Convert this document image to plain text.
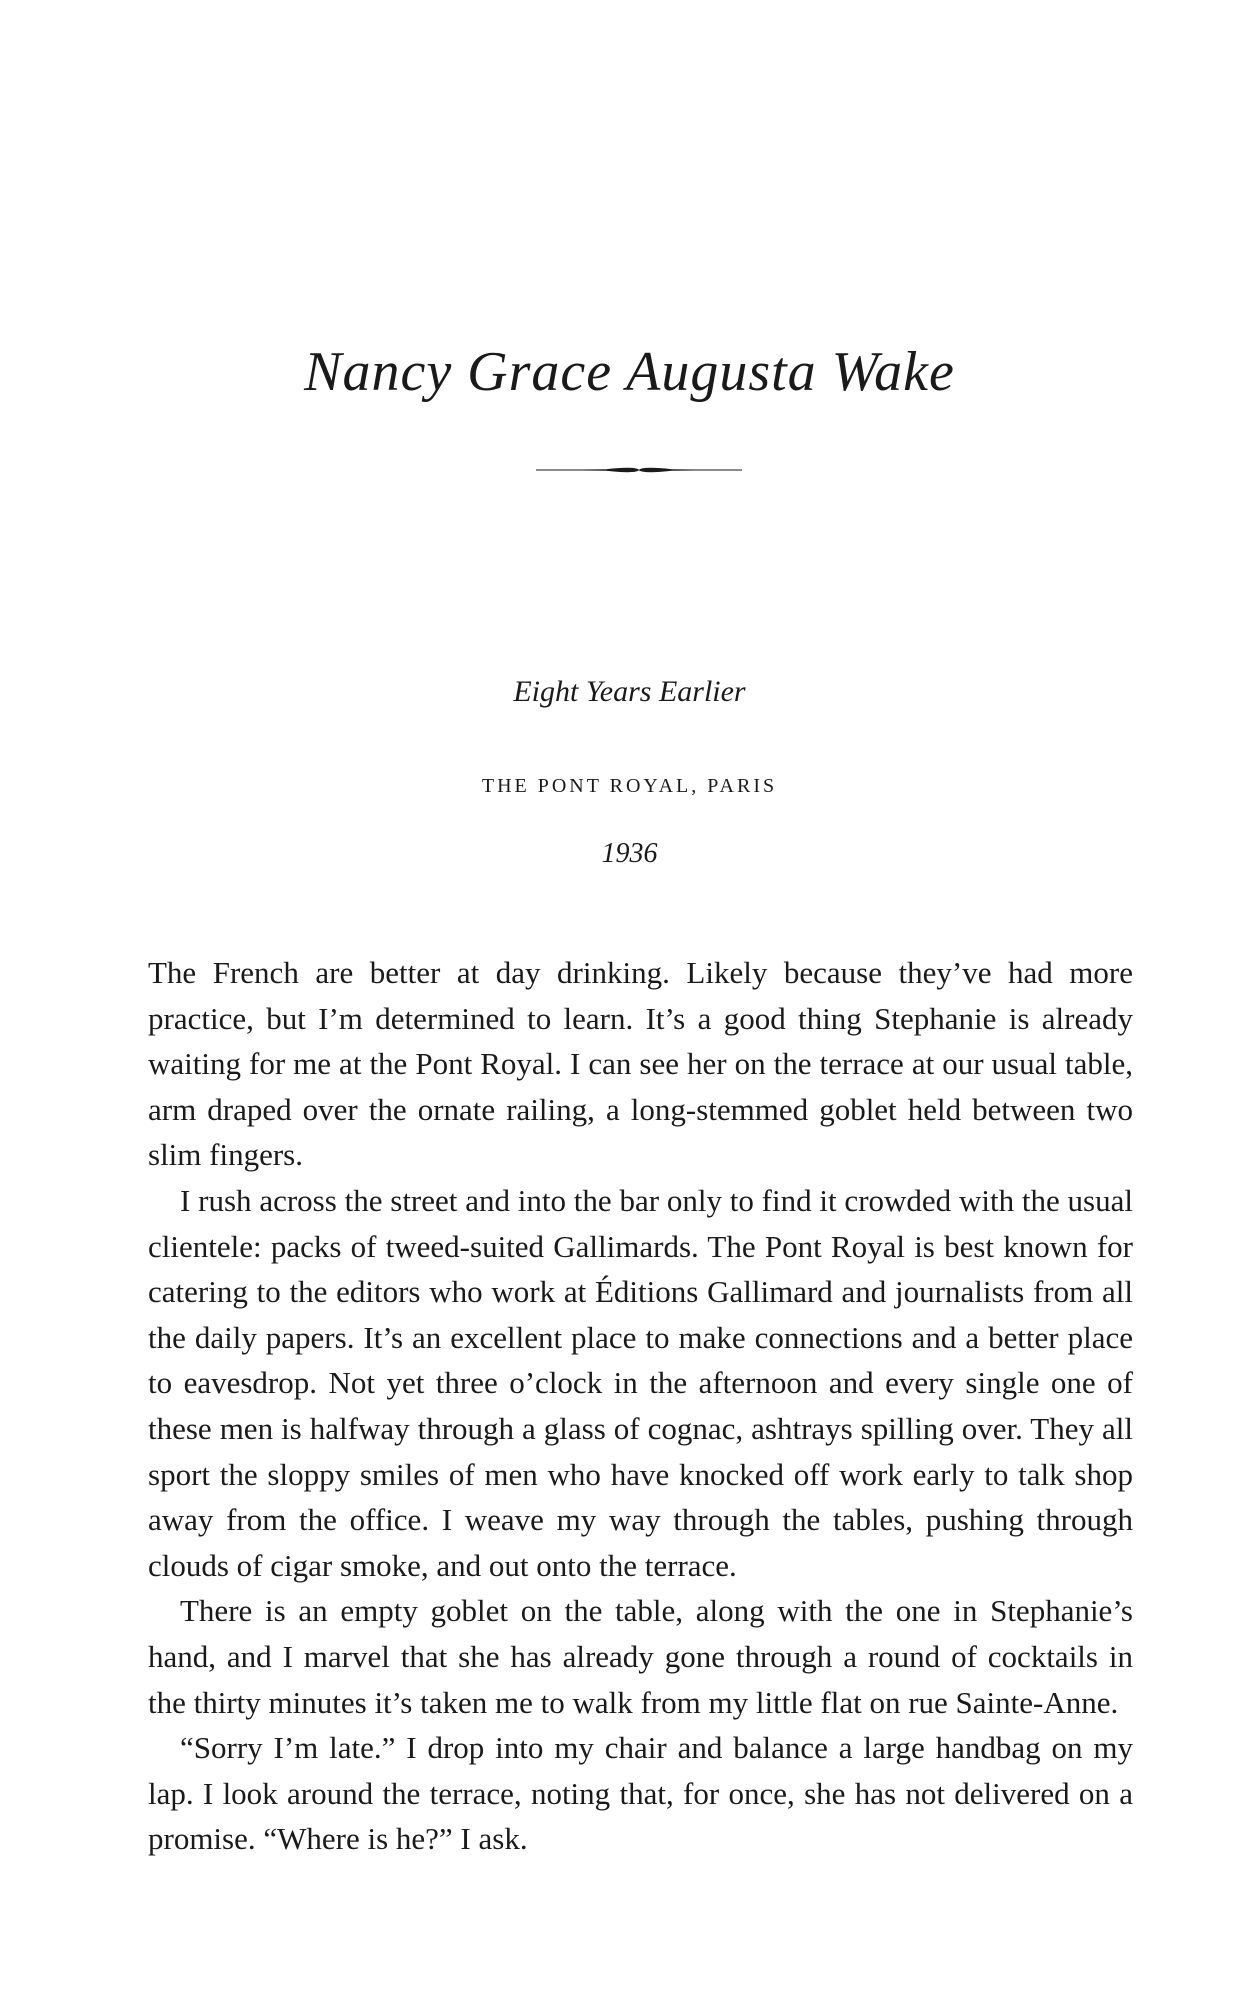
Nancy Grace Augusta Wake
Eight Years Earlier
THE PONT ROYAL, PARIS
1936

The French are better at day drinking. Likely because they’ve had more practice, but I’m determined to learn. It’s a good thing Stephanie is already waiting for me at the Pont Royal. I can see her on the terrace at our usual table, arm draped over the ornate railing, a long-stemmed goblet held between two slim fingers.

I rush across the street and into the bar only to find it crowded with the usual clientele: packs of tweed-suited Gallimards. The Pont Royal is best known for catering to the editors who work at Éditions Gallimard and journalists from all the daily papers. It’s an excellent place to make connections and a better place to eavesdrop. Not yet three o’clock in the afternoon and every single one of these men is halfway through a glass of cognac, ashtrays spilling over. They all sport the sloppy smiles of men who have knocked off work early to talk shop away from the office. I weave my way through the tables, pushing through clouds of cigar smoke, and out onto the terrace.

There is an empty goblet on the table, along with the one in Stephanie’s hand, and I marvel that she has already gone through a round of cocktails in the thirty minutes it’s taken me to walk from my little flat on rue Sainte-Anne.

“Sorry I’m late.” I drop into my chair and balance a large handbag on my lap. I look around the terrace, noting that, for once, she has not delivered on a promise. “Where is he?” I ask.
